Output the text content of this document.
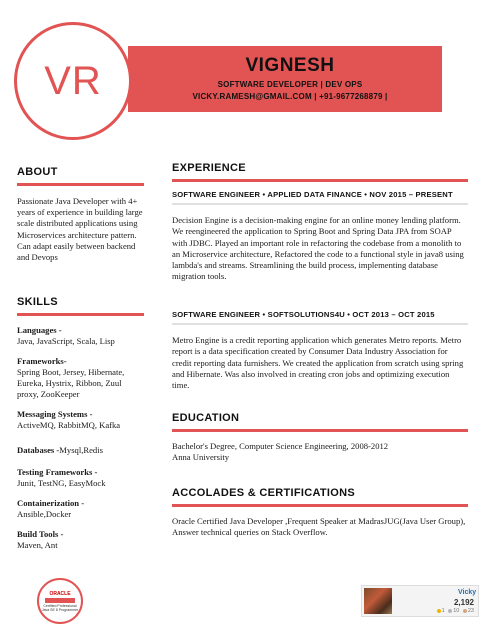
VR	VIGNESH
SOFTWARE DEVELOPER | DEV OPS
VICKY.RAMESH@GMAIL.COM | +91-9677268879 |
ABOUT
Passionate Java Developer with 4+ years of experience in building large scale distributed applications using Microservices architecture pattern. Can adapt easily between backend and Devops
SKILLS
Languages -
Java, JavaScript, Scala, Lisp
Frameworks-
Spring Boot, Jersey, Hibernate, Eureka, Hystrix, Ribbon, Zuul proxy, ZooKeeper
Messaging Systems -
ActiveMQ, RabbitMQ, Kafka
Databases -Mysql,Redis
Testing Frameworks -
Junit, TestNG, EasyMock
Containerization -
Ansible,Docker
Build Tools -
Maven, Ant
EXPERIENCE
SOFTWARE ENGINEER • APPLIED DATA FINANCE • NOV 2015 – PRESENT
Decision Engine is a decision-making engine for an online money lending platform. We reengineered the application to Spring Boot and Spring Data JPA from SOAP with JDBC. Played an important role in refactoring the codebase from a monolith to an Microservice architecture, Refactored the code to a functional style in java8 using lambda's and streams. Streamlining the build process, implementing database migration tools.
SOFTWARE ENGINEER • SOFTSOLUTIONS4U • OCT 2013 – OCT 2015
Metro Engine is a credit reporting application which generates Metro reports. Metro report is a data specification created by Consumer Data Industry Association for credit reporting data furnishers. We created the application from scratch using spring and Hibernate. Was also involved in creating cron jobs and optimizing execution time.
EDUCATION
Bachelor's Degree, Computer Science Engineering, 2008-2012
Anna University
ACCOLADES & CERTIFICATIONS
Oracle Certified Java Developer ,Frequent Speaker at MadrasJUG(Java User Group), Answer technical queries on Stack Overflow.
ORACLE
Certified Professional
Java SE 8 Programmer
Vicky
2,192
1 10 23
